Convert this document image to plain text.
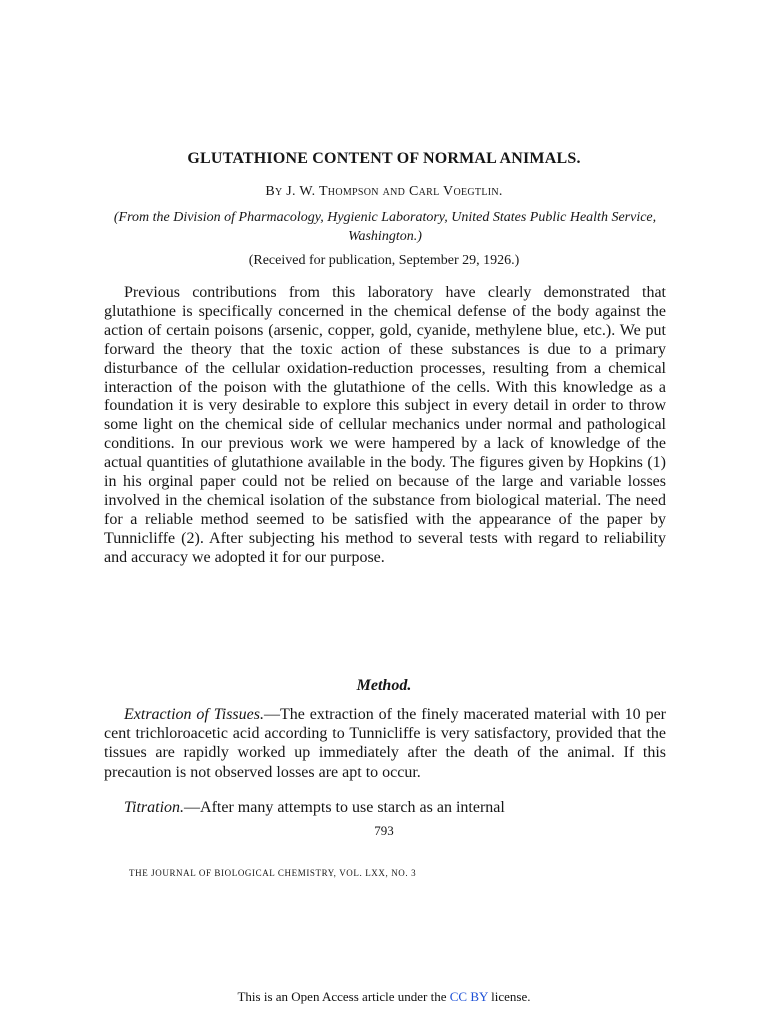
GLUTATHIONE CONTENT OF NORMAL ANIMALS.

By J. W. Thompson and Carl Voegtlin.

(From the Division of Pharmacology, Hygienic Laboratory, United States Public Health Service, Washington.)

(Received for publication, September 29, 1926.)

Previous contributions from this laboratory have clearly demonstrated that glutathione is specifically concerned in the chemical defense of the body against the action of certain poisons (arsenic, copper, gold, cyanide, methylene blue, etc.). We put forward the theory that the toxic action of these substances is due to a primary disturbance of the cellular oxidation-reduction processes, resulting from a chemical interaction of the poison with the glutathione of the cells. With this knowledge as a foundation it is very desirable to explore this subject in every detail in order to throw some light on the chemical side of cellular mechanics under normal and pathological conditions. In our previous work we were hampered by a lack of knowledge of the actual quantities of glutathione available in the body. The figures given by Hopkins (1) in his orginal paper could not be relied on because of the large and variable losses involved in the chemical isolation of the substance from biological material. The need for a reliable method seemed to be satisfied with the appearance of the paper by Tunnicliffe (2). After subjecting his method to several tests with regard to reliability and accuracy we adopted it for our purpose.

Method.

Extraction of Tissues.—The extraction of the finely macerated material with 10 per cent trichloroacetic acid according to Tunnicliffe is very satisfactory, provided that the tissues are rapidly worked up immediately after the death of the animal. If this precaution is not observed losses are apt to occur.

Titration.—After many attempts to use starch as an internal

793

THE JOURNAL OF BIOLOGICAL CHEMISTRY, VOL. LXX, NO. 3

This is an Open Access article under the CC BY license.
